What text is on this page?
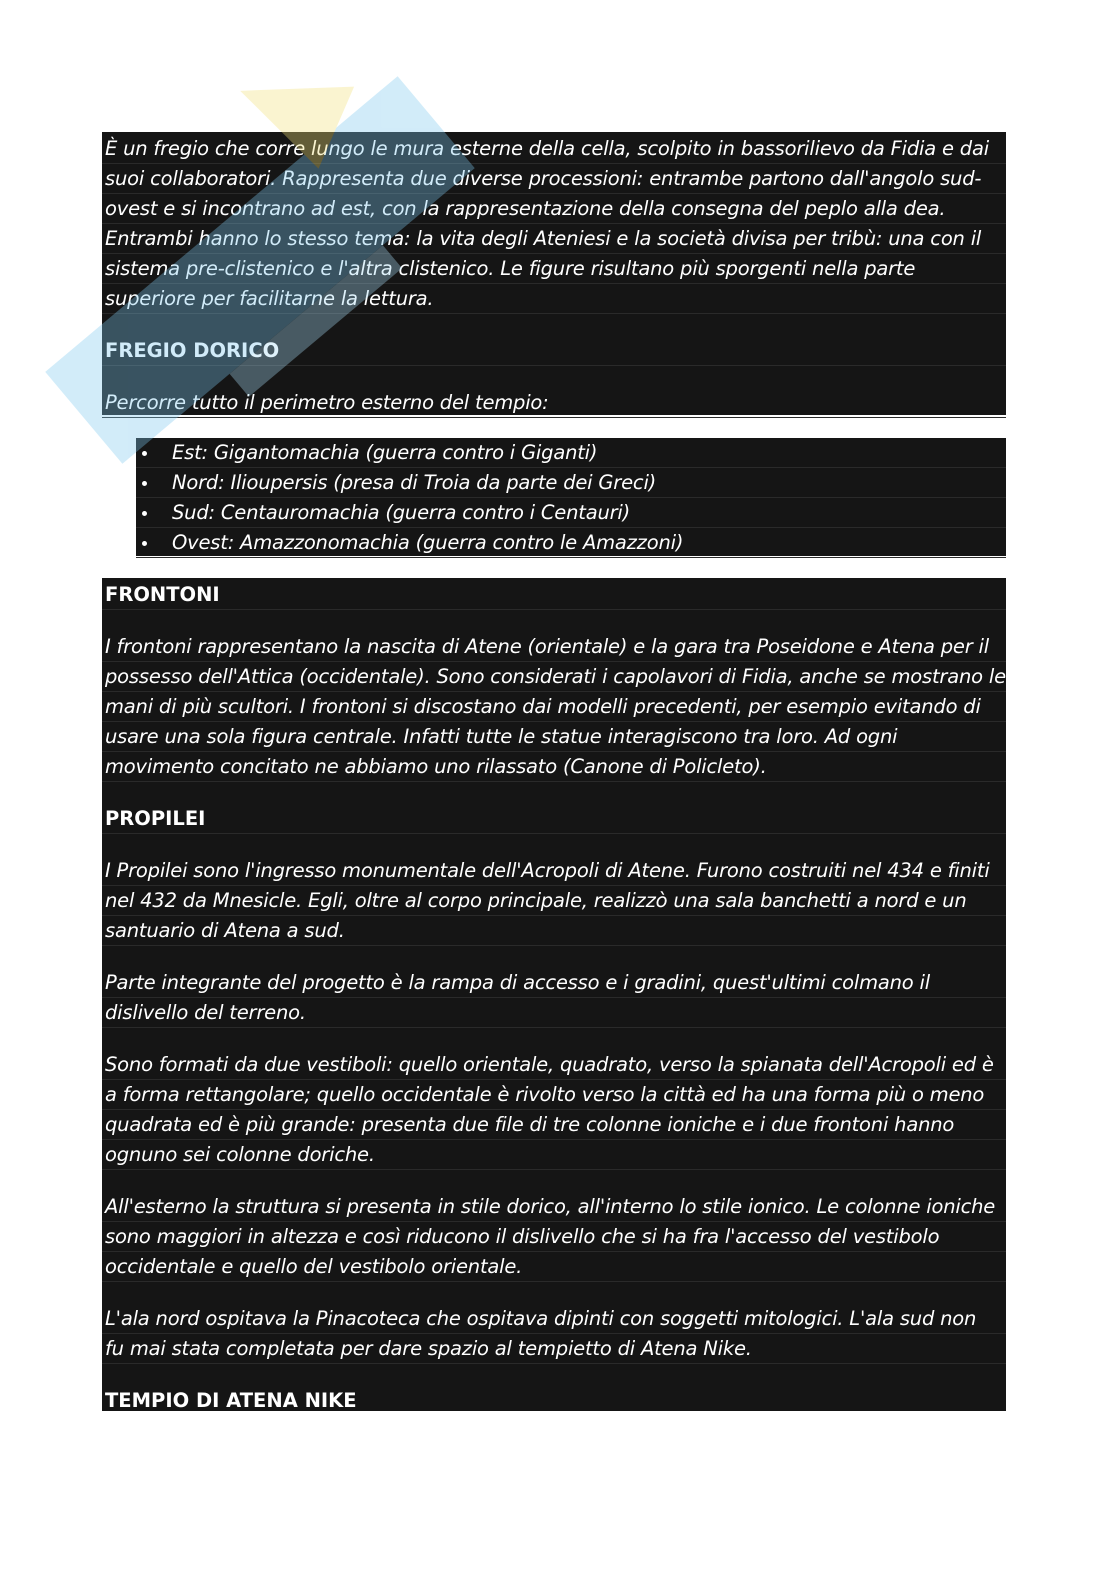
È un fregio che corre lungo le mura esterne della cella, scolpito in bassorilievo da Fidia e dai
suoi collaboratori. Rappresenta due diverse processioni: entrambe partono dall'angolo sud-
ovest e si incontrano ad est, con la rappresentazione della consegna del peplo alla dea.
Entrambi hanno lo stesso tema: la vita degli Ateniesi e la società divisa per tribù: una con il
sistema pre-clistenico e l'altra clistenico. Le figure risultano più sporgenti nella parte
superiore per facilitarne la lettura.
FREGIO DORICO
Percorre tutto il perimetro esterno del tempio:
Est: Gigantomachia (guerra contro i Giganti)
Nord: Ilioupersis (presa di Troia da parte dei Greci)
Sud: Centauromachia (guerra contro i Centauri)
Ovest: Amazzonomachia (guerra contro le Amazzoni)
FRONTONI
I frontoni rappresentano la nascita di Atene (orientale) e la gara tra Poseidone e Atena per il
possesso dell'Attica (occidentale). Sono considerati i capolavori di Fidia, anche se mostrano le
mani di più scultori. I frontoni si discostano dai modelli precedenti, per esempio evitando di
usare una sola figura centrale. Infatti tutte le statue interagiscono tra loro. Ad ogni
movimento concitato ne abbiamo uno rilassato (Canone di Policleto).
PROPILEI
I Propilei sono l'ingresso monumentale dell'Acropoli di Atene. Furono costruiti nel 434 e finiti
nel 432 da Mnesicle. Egli, oltre al corpo principale, realizzò una sala banchetti a nord e un
santuario di Atena a sud.
Parte integrante del progetto è la rampa di accesso e i gradini, quest'ultimi colmano il
dislivello del terreno.
Sono formati da due vestiboli: quello orientale, quadrato, verso la spianata dell'Acropoli ed è
a forma rettangolare; quello occidentale è rivolto verso la città ed ha una forma più o meno
quadrata ed è più grande: presenta due file di tre colonne ioniche e i due frontoni hanno
ognuno sei colonne doriche.
All'esterno la struttura si presenta in stile dorico, all'interno lo stile ionico. Le colonne ioniche
sono maggiori in altezza e così riducono il dislivello che si ha fra l'accesso del vestibolo
occidentale e quello del vestibolo orientale.
L'ala nord ospitava la Pinacoteca che ospitava dipinti con soggetti mitologici. L'ala sud non
fu mai stata completata per dare spazio al tempietto di Atena Nike.
TEMPIO DI ATENA NIKE
